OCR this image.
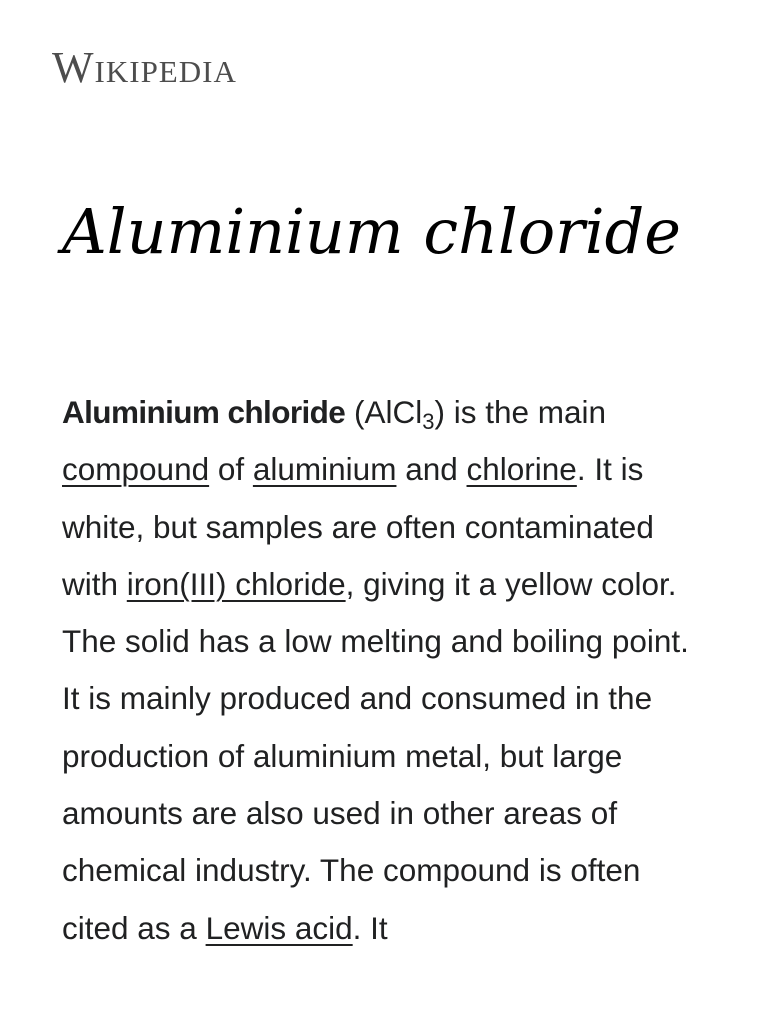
Wikipedia
Aluminium chloride

Aluminium chloride (AlCl$_3$) is the main compound of aluminium and chlorine. It is white, but samples are often contaminated with iron(III) chloride, giving it a yellow color. The solid has a low melting and boiling point. It is mainly produced and consumed in the production of aluminium metal, but large amounts are also used in other areas of chemical industry. The compound is often cited as a Lewis acid. It
